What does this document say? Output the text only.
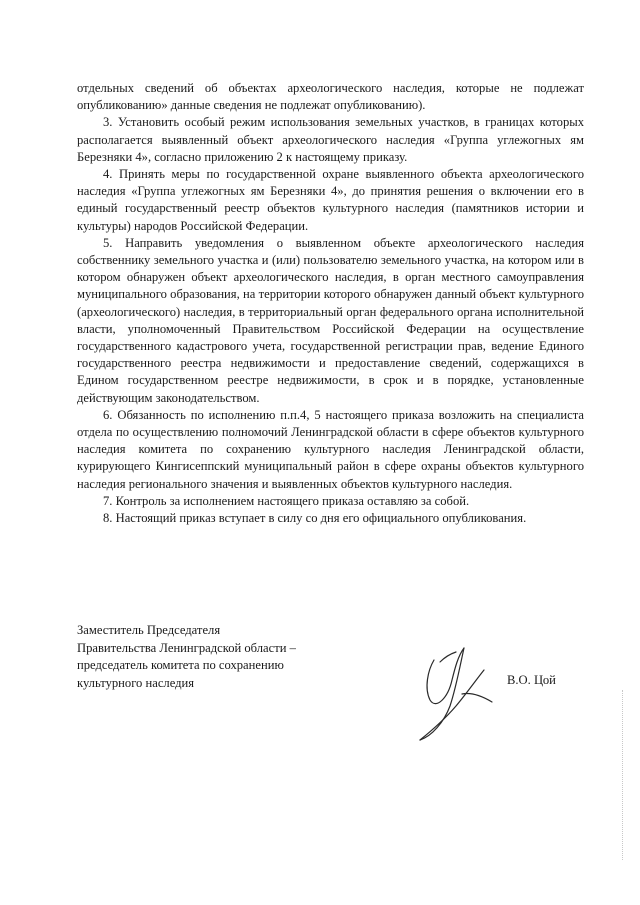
отдельных сведений об объектах археологического наследия, которые не подлежат опубликованию» данные сведения не подлежат опубликованию).

3. Установить особый режим использования земельных участков, в границах которых располагается выявленный объект археологического наследия «Группа углежогных ям Березняки 4», согласно приложению 2 к настоящему приказу.

4. Принять меры по государственной охране выявленного объекта археологического наследия «Группа углежогных ям Березняки 4», до принятия решения о включении его в единый государственный реестр объектов культурного наследия (памятников истории и культуры) народов Российской Федерации.

5. Направить уведомления о выявленном объекте археологического наследия собственнику земельного участка и (или) пользователю земельного участка, на котором или в котором обнаружен объект археологического наследия, в орган местного самоуправления муниципального образования, на территории которого обнаружен данный объект культурного (археологического) наследия, в территориальный орган федерального органа исполнительной власти, уполномоченный Правительством Российской Федерации на осуществление государственного кадастрового учета, государственной регистрации прав, ведение Единого государственного реестра недвижимости и предоставление сведений, содержащихся в Едином государственном реестре недвижимости, в срок и в порядке, установленные действующим законодательством.

6. Обязанность по исполнению п.п.4, 5 настоящего приказа возложить на специалиста отдела по осуществлению полномочий Ленинградской области в сфере объектов культурного наследия комитета по сохранению культурного наследия Ленинградской области, курирующего Кингисеппский муниципальный район в сфере охраны объектов культурного наследия регионального значения и выявленных объектов культурного наследия.

7. Контроль за исполнением настоящего приказа оставляю за собой.

8. Настоящий приказ вступает в силу со дня его официального опубликования.

Заместитель Председателя
Правительства Ленинградской области –
председатель комитета по сохранению
культурного наследия	В.О. Цой
